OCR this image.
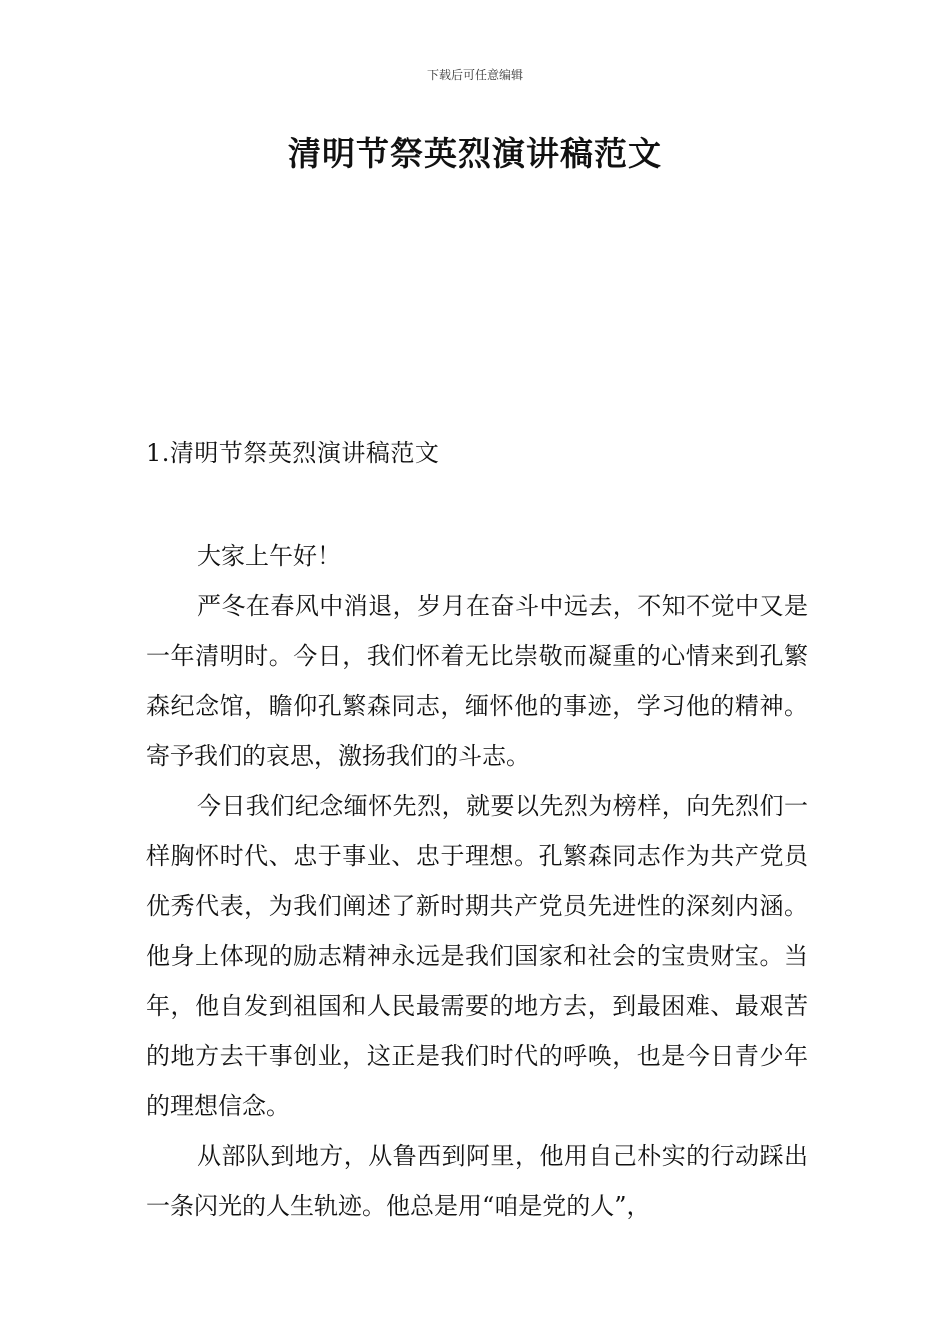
下载后可任意编辑
清明节祭英烈演讲稿范文
1.清明节祭英烈演讲稿范文

大家上午好！

严冬在春风中消退，岁月在奋斗中远去，不知不觉中又是一年清明时。今日，我们怀着无比崇敬而凝重的心情来到孔繁森纪念馆，瞻仰孔繁森同志，缅怀他的事迹，学习他的精神。寄予我们的哀思，激扬我们的斗志。

今日我们纪念缅怀先烈，就要以先烈为榜样，向先烈们一样胸怀时代、忠于事业、忠于理想。孔繁森同志作为共产党员优秀代表，为我们阐述了新时期共产党员先进性的深刻内涵。他身上体现的励志精神永远是我们国家和社会的宝贵财宝。当年，他自发到祖国和人民最需要的地方去，到最困难、最艰苦的地方去干事创业，这正是我们时代的呼唤，也是今日青少年的理想信念。

从部队到地方，从鲁西到阿里，他用自己朴实的行动踩出一条闪光的人生轨迹。他总是用“咱是党的人”，
